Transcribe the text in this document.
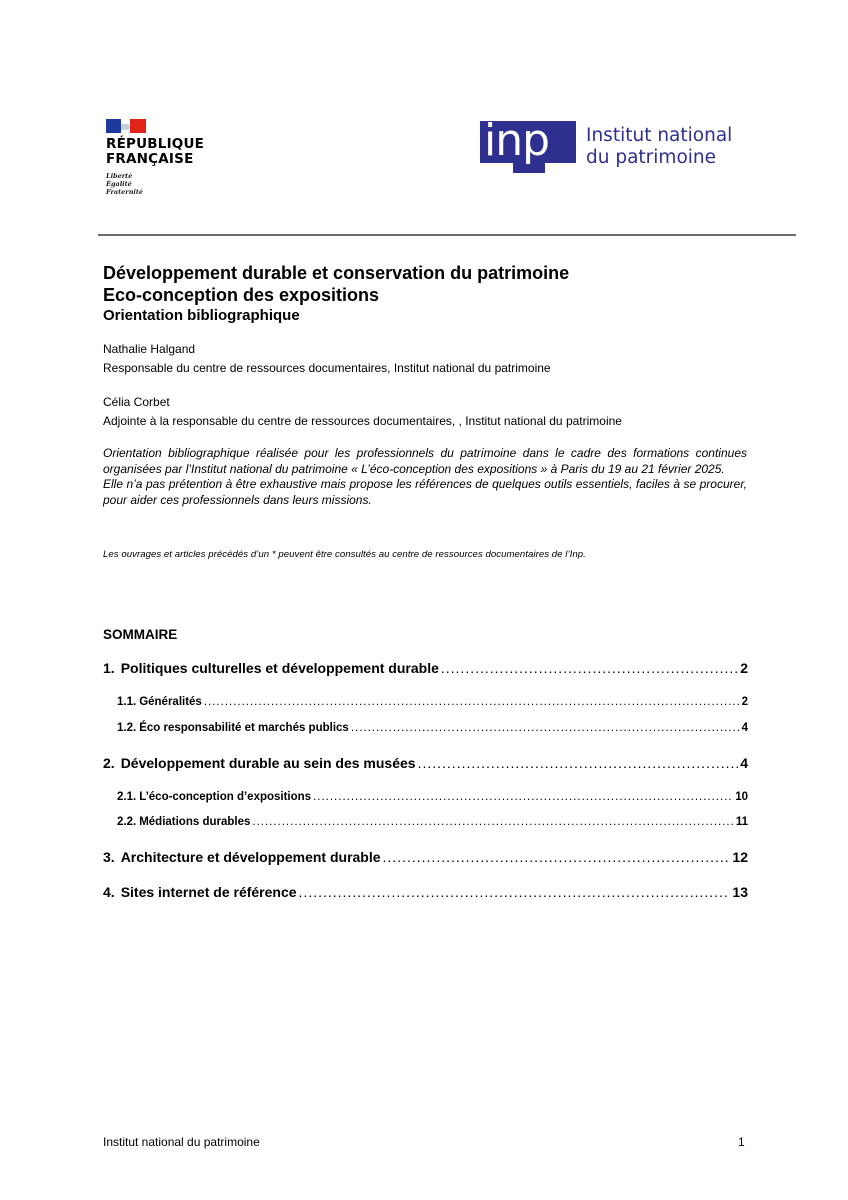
RÉPUBLIQUE
FRANÇAISE
Liberté
Égalité
Fraternité
inp Institut national
du patrimoine
Développement durable et conservation du patrimoine
Eco-conception des expositions
Orientation bibliographique
Nathalie Halgand
Responsable du centre de ressources documentaires, Institut national du patrimoine
Célia Corbet
Adjointe à la responsable du centre de ressources documentaires, , Institut national du patrimoine

Orientation bibliographique réalisée pour les professionnels du patrimoine dans le cadre des formations continues organisées par l’Institut national du patrimoine « L’éco-conception des expositions » à Paris du 19 au 21 février 2025.

Elle n’a pas prétention à être exhaustive mais propose les références de quelques outils essentiels, faciles à se procurer, pour aider ces professionnels dans leurs missions.

Les ouvrages et articles précédés d’un * peuvent être consultés au centre de ressources documentaires de l’Inp.
SOMMAIRE
1. Politiques culturelles et développement durable .....	2
1.1. Généralités .....	2
1.2. Éco responsabilité et marchés publics .....	4
2. Développement durable au sein des musées .....	4
2.1. L’éco-conception d’expositions .....	10
2.2. Médiations durables .....	11
3. Architecture et développement durable .....	12
4. Sites internet de référence .....	13
Institut national du patrimoine	1
